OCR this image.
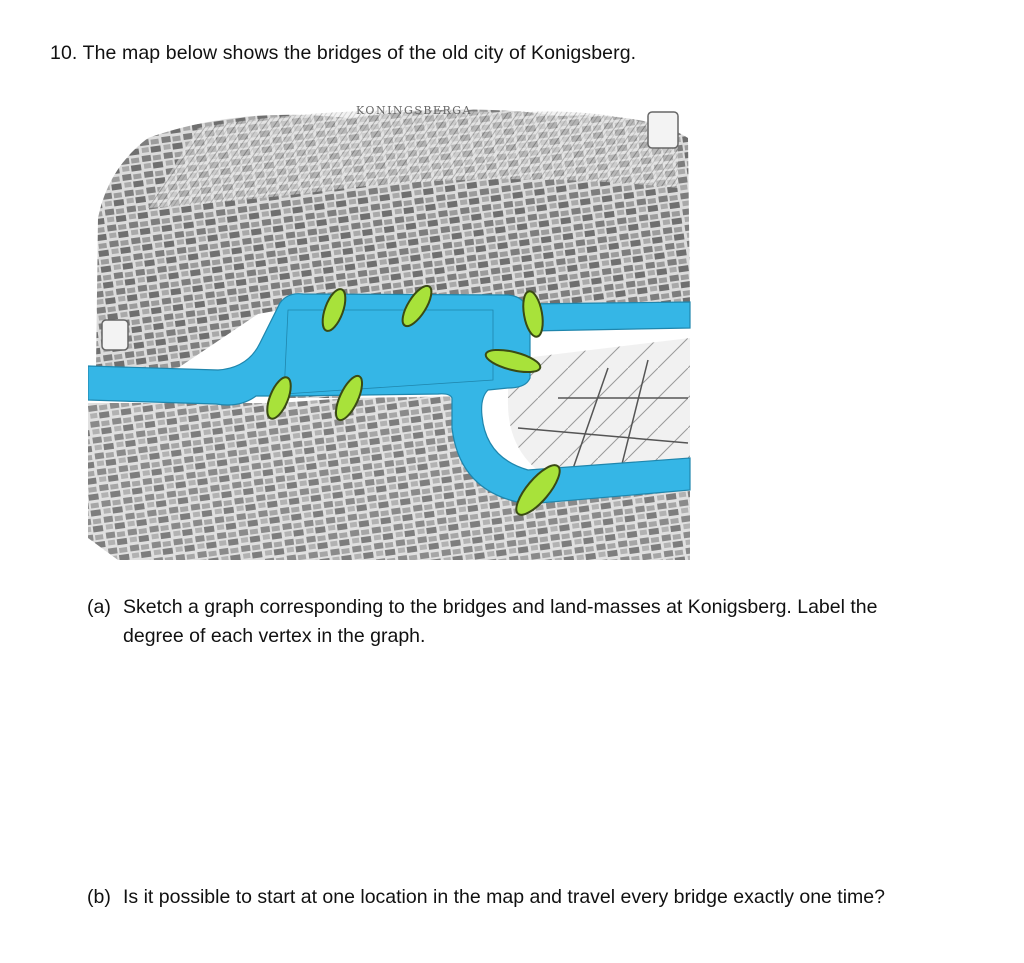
10. The map below shows the bridges of the old city of Konigsberg.
KONINGSBERGA
(a) Sketch a graph corresponding to the bridges and land-masses at Konigsberg. Label the
degree of each vertex in the graph.
(b) Is it possible to start at one location in the map and travel every bridge exactly one time?
